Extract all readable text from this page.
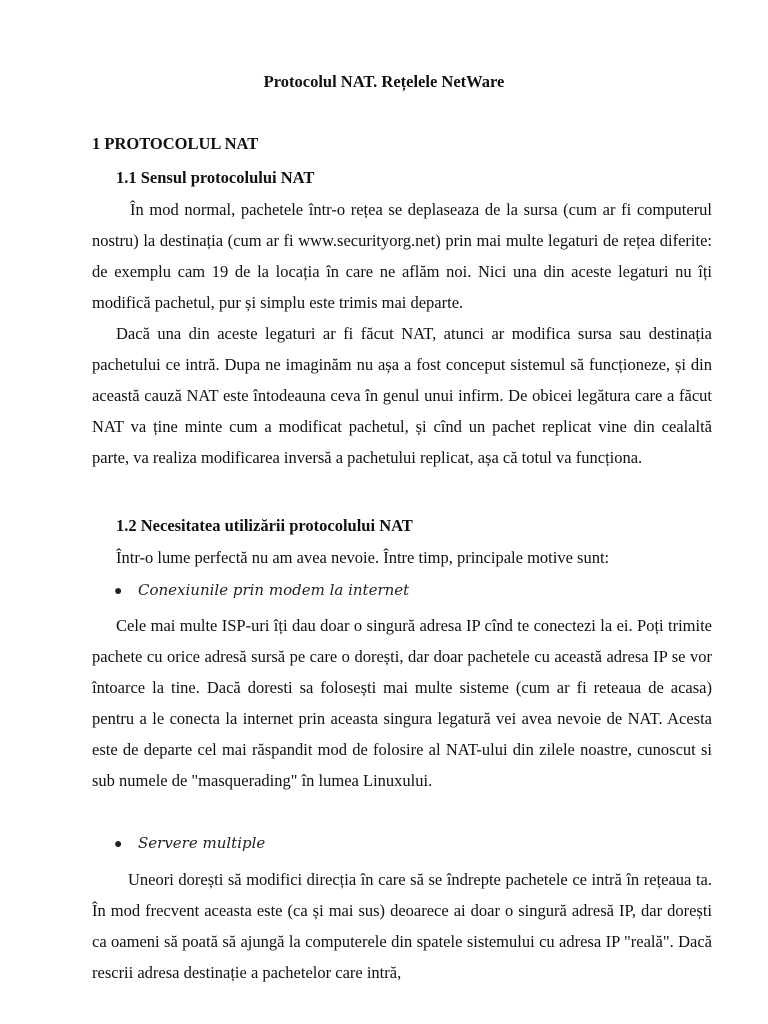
Protocolul NAT. Rețelele NetWare
1 PROTOCOLUL NAT
1.1 Sensul protocolului NAT

În mod normal, pachetele într-o rețea se deplaseaza de la sursa (cum ar fi computerul nostru) la destinația (cum ar fi www.securityorg.net) prin mai multe legaturi de rețea diferite: de exemplu cam 19 de la locația în care ne aflăm noi. Nici una din aceste legaturi nu îți modifică pachetul, pur și simplu este trimis mai departe.

Dacă una din aceste legaturi ar fi făcut NAT, atunci ar modifica sursa sau destinația pachetului ce intră. Dupa ne imaginăm nu așa a fost conceput sistemul să funcționeze, și din această cauză NAT este întodeauna ceva în genul unui infirm. De obicei legătura care a făcut NAT va ține minte cum a modificat pachetul, și cînd un pachet replicat vine din cealaltă parte, va realiza modificarea inversă a pachetului replicat, așa că totul va funcționa.

1.2 Necesitatea utilizării protocolului NAT
Într-o lume perfectă nu am avea nevoie. Între timp, principale motive sunt:
● Conexiunile prin modem la internet

Cele mai multe ISP-uri îți dau doar o singură adresa IP cînd te conectezi la ei. Poți trimite pachete cu orice adresă sursă pe care o dorești, dar doar pachetele cu această adresa IP se vor întoarce la tine. Dacă doresti sa folosești mai multe sisteme (cum ar fi reteaua de acasa) pentru a le conecta la internet prin aceasta singura legatură vei avea nevoie de NAT. Acesta este de departe cel mai răspandit mod de folosire al NAT-ului din zilele noastre, cunoscut si sub numele de "masquerading" în lumea Linuxului.

● Servere multiple

Uneori dorești să modifici direcția în care să se îndrepte pachetele ce intră în rețeaua ta. În mod frecvent aceasta este (ca și mai sus) deoarece ai doar o singură adresă IP, dar dorești ca oameni să poată să ajungă la computerele din spatele sistemului cu adresa IP "reală". Dacă rescrii adresa destinație a pachetelor care intră,
